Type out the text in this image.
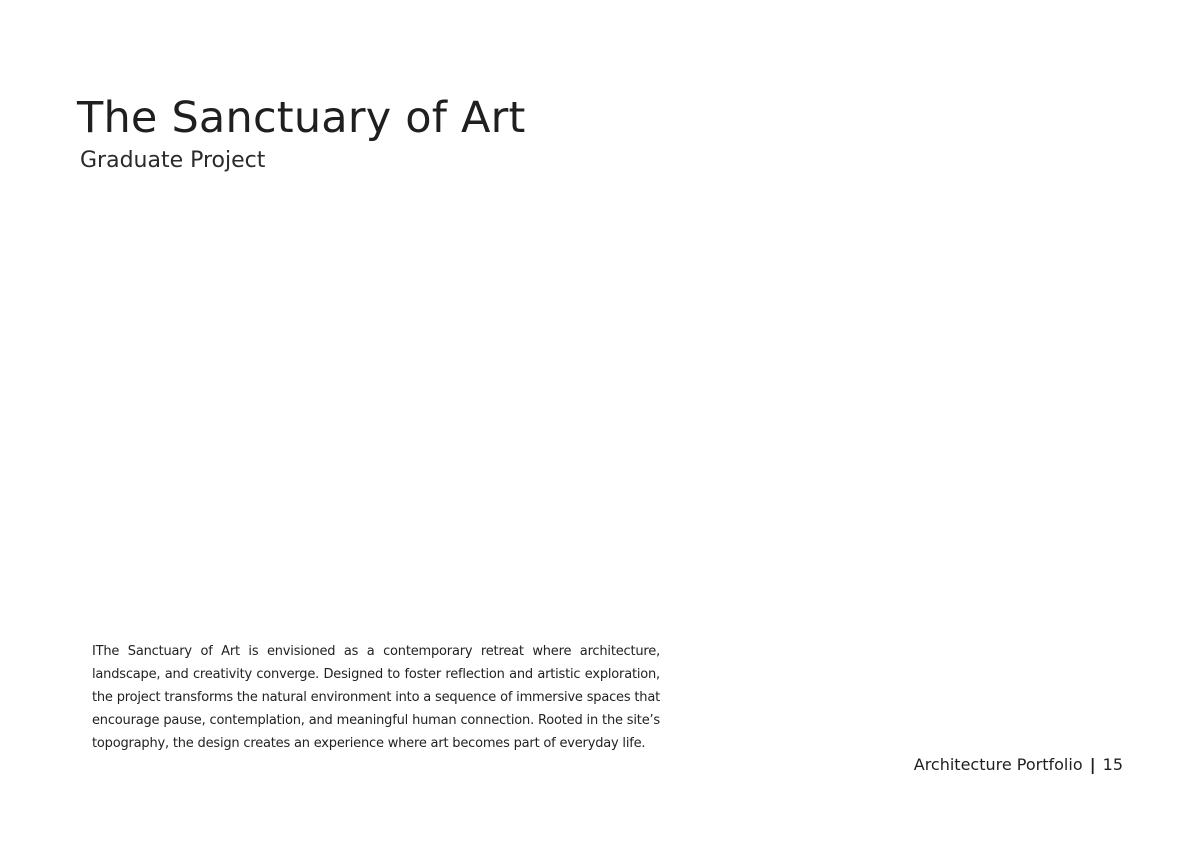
The Sanctuary of Art
Graduate Project

IThe Sanctuary of Art is envisioned as a contemporary retreat where architecture, landscape, and creativity converge. Designed to foster reflection and artistic exploration, the project transforms the natural environment into a sequence of immersive spaces that encourage pause, contemplation, and meaningful human connection. Rooted in the site’s topography, the design creates an experience where art becomes part of everyday life.

Architecture Portfolio | 15
